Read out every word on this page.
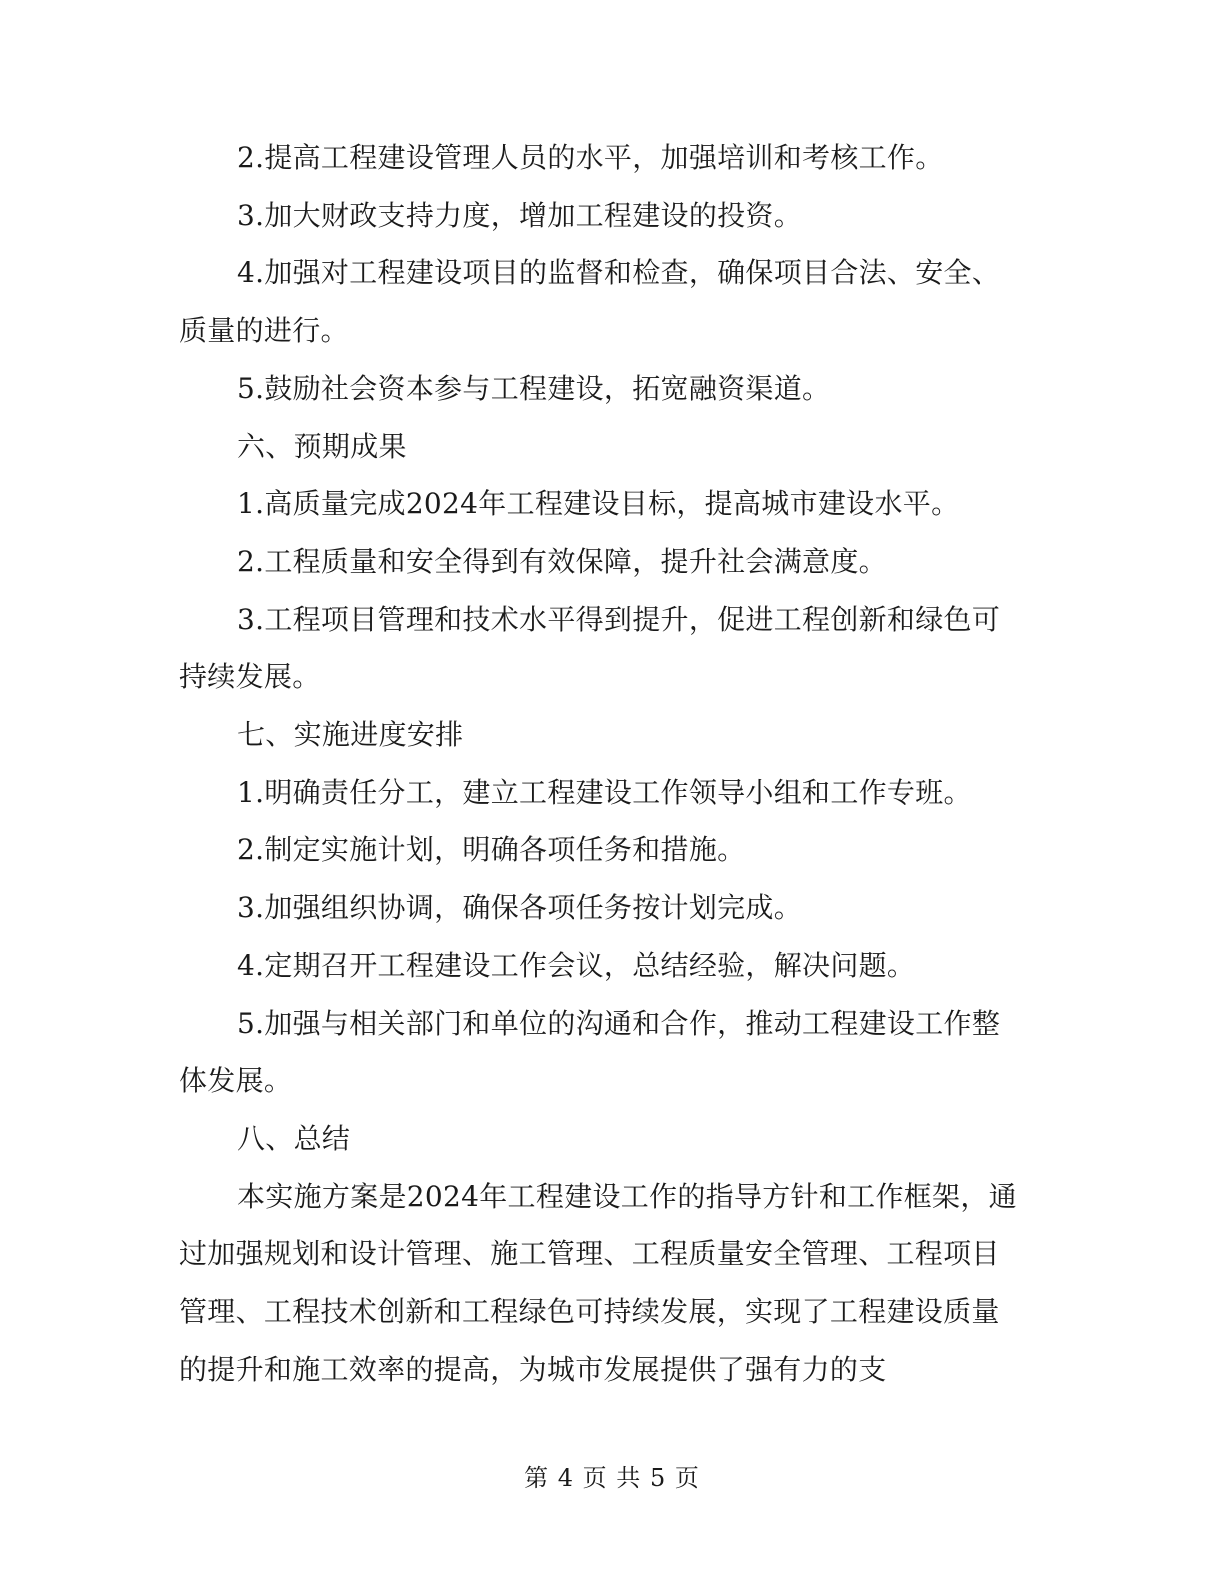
2.提高工程建设管理人员的水平，加强培训和考核工作。

3.加大财政支持力度，增加工程建设的投资。

4.加强对工程建设项目的监督和检查，确保项目合法、安全、质量的进行。

5.鼓励社会资本参与工程建设，拓宽融资渠道。

六、预期成果

1.高质量完成2024年工程建设目标，提高城市建设水平。

2.工程质量和安全得到有效保障，提升社会满意度。

3.工程项目管理和技术水平得到提升，促进工程创新和绿色可持续发展。

七、实施进度安排

1.明确责任分工，建立工程建设工作领导小组和工作专班。

2.制定实施计划，明确各项任务和措施。

3.加强组织协调，确保各项任务按计划完成。

4.定期召开工程建设工作会议，总结经验，解决问题。

5.加强与相关部门和单位的沟通和合作，推动工程建设工作整体发展。

八、总结

本实施方案是2024年工程建设工作的指导方针和工作框架，通过加强规划和设计管理、施工管理、工程质量安全管理、工程项目管理、工程技术创新和工程绿色可持续发展，实现了工程建设质量的提升和施工效率的提高，为城市发展提供了强有力的支

第 4 页 共 5 页
